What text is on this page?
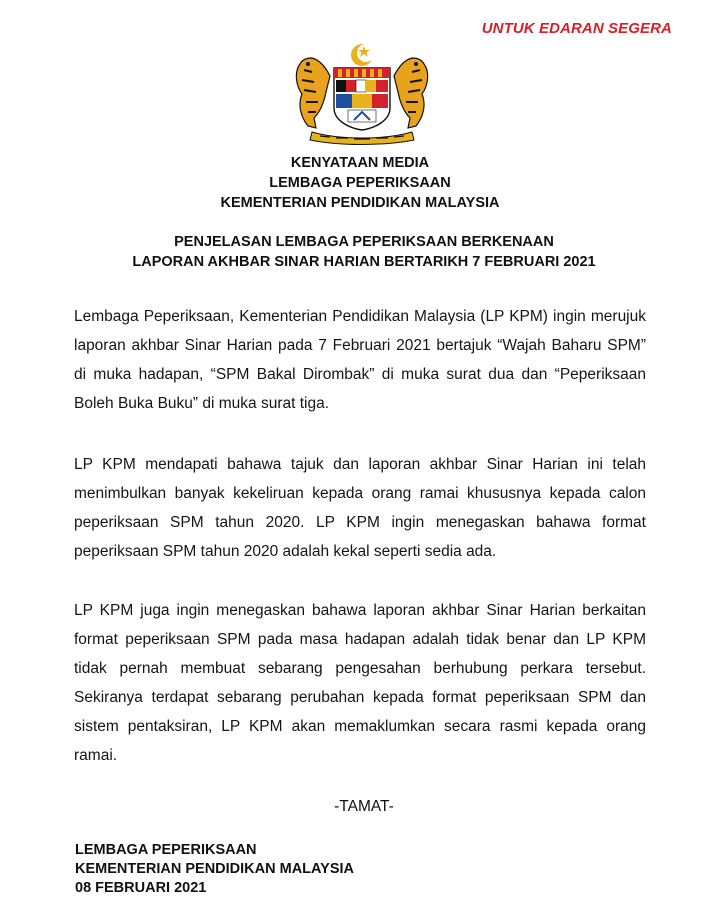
UNTUK EDARAN SEGERA
KENYATAAN MEDIA
LEMBAGA PEPERIKSAAN
KEMENTERIAN PENDIDIKAN MALAYSIA
PENJELASAN LEMBAGA PEPERIKSAAN BERKENAAN
LAPORAN AKHBAR SINAR HARIAN BERTARIKH 7 FEBRUARI 2021
Lembaga Peperiksaan, Kementerian Pendidikan Malaysia (LP KPM) ingin merujuk laporan akhbar Sinar Harian pada 7 Februari 2021 bertajuk “Wajah Baharu SPM” di muka hadapan, “SPM Bakal Dirombak” di muka surat dua dan “Peperiksaan Boleh Buka Buku” di muka surat tiga.
LP KPM mendapati bahawa tajuk dan laporan akhbar Sinar Harian ini telah menimbulkan banyak kekeliruan kepada orang ramai khususnya kepada calon peperiksaan SPM tahun 2020. LP KPM ingin menegaskan bahawa format peperiksaan SPM tahun 2020 adalah kekal seperti sedia ada.
LP KPM juga ingin menegaskan bahawa laporan akhbar Sinar Harian berkaitan format peperiksaan SPM pada masa hadapan adalah tidak benar dan LP KPM tidak pernah membuat sebarang pengesahan berhubung perkara tersebut. Sekiranya terdapat sebarang perubahan kepada format peperiksaan SPM dan sistem pentaksiran, LP KPM akan memaklumkan secara rasmi kepada orang ramai.
-TAMAT-
LEMBAGA PEPERIKSAAN
KEMENTERIAN PENDIDIKAN MALAYSIA
08 FEBRUARI 2021
